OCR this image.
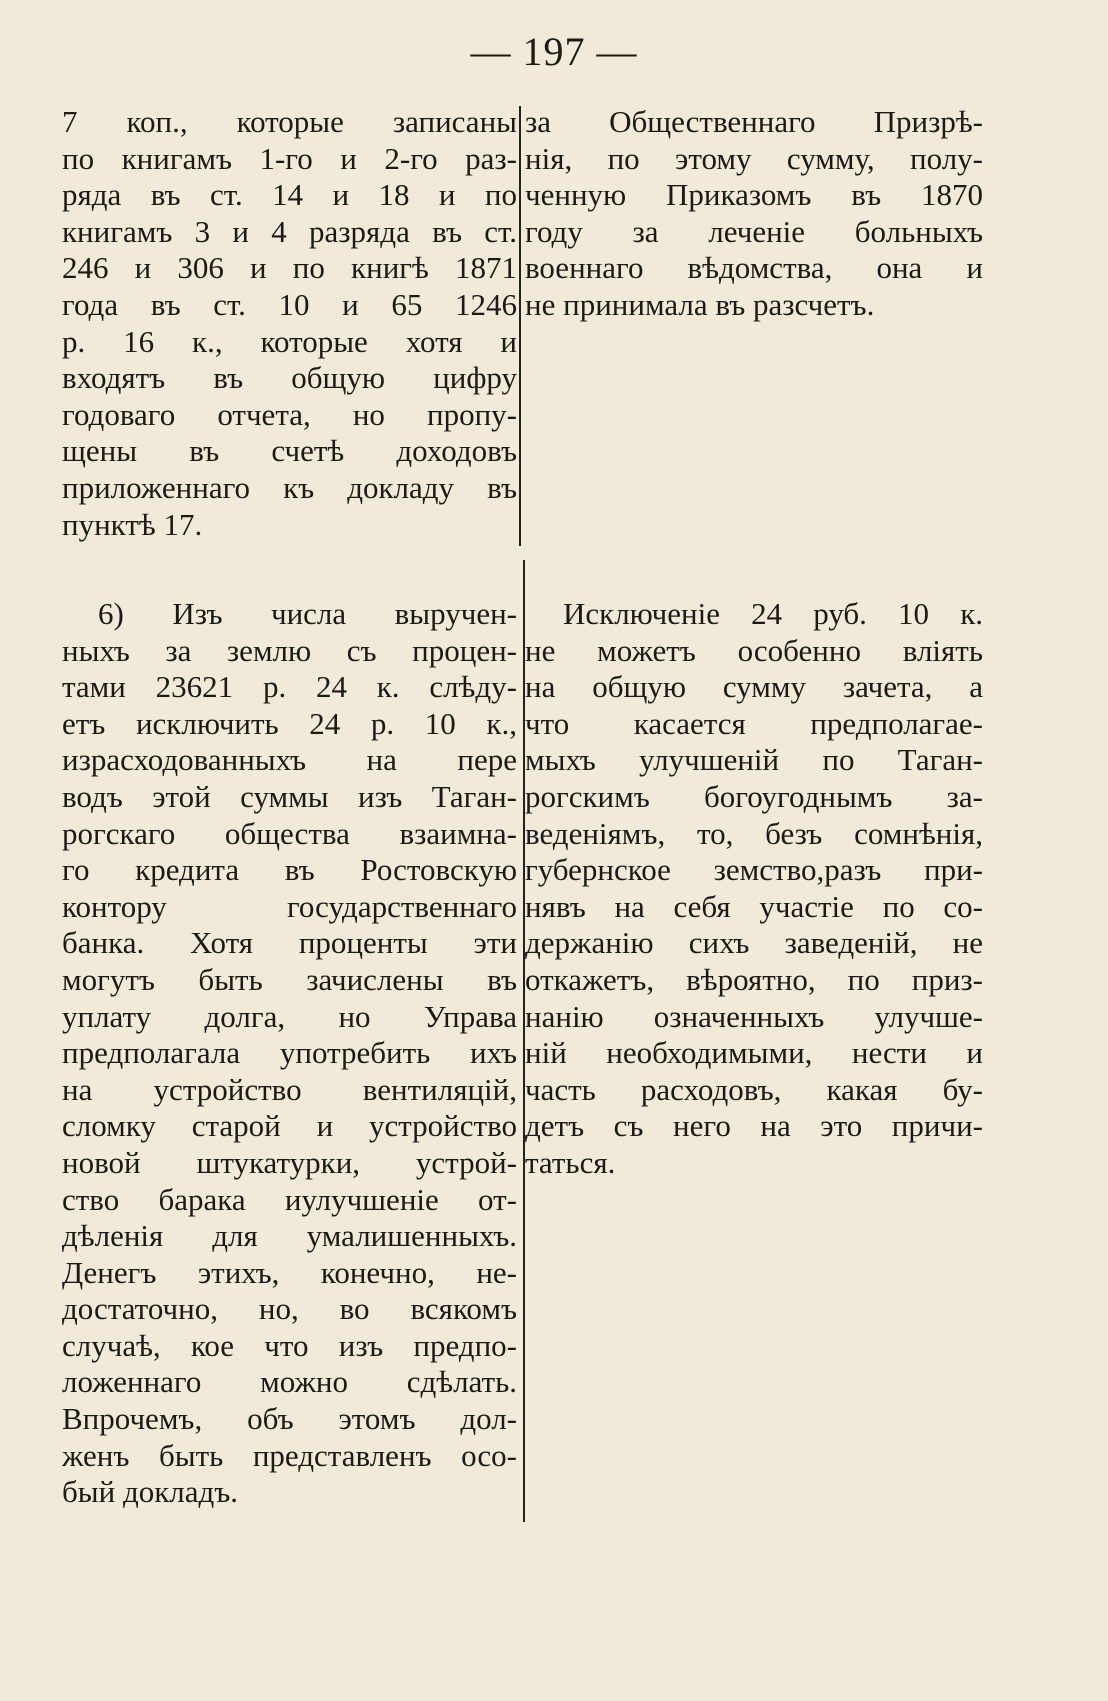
— 197 —

7 коп., которые записаны
по книгамъ 1-го и 2-го раз-
ряда въ ст. 14 и 18 и по
книгамъ 3 и 4 разряда въ ст.
246 и 306 и по книгѣ 1871
года въ ст. 10 и 65 1246
р. 16 к., которые хотя и
входятъ въ общую цифру
годоваго отчета, но пропу-
щены въ счетѣ доходовъ
приложеннаго къ докладу въ
пунктѣ 17.
6) Изъ числа выручен-
ныхъ за землю съ процен-
тами 23621 р. 24 к. слѣду-
етъ исключить 24 р. 10 к.,
израсходованныхъ на пере
водъ этой суммы изъ Таган-
рогскаго общества взаимна-
го кредита въ Ростовскую
контору государственнаго
банка. Хотя проценты эти
могутъ быть зачислены въ
уплату долга, но Управа
предполагала употребить ихъ
на устройство вентиляцій,
сломку старой и устройство
новой штукатурки, устрой-
ство барака иулучшеніе от-
дѣленія для умалишенныхъ.
Денегъ этихъ, конечно, не-
достаточно, но, во всякомъ
случаѣ, кое что изъ предпо-
ложеннаго можно сдѣлать.
Впрочемъ, объ этомъ дол-
женъ быть представленъ осо-
бый докладъ.
за Общественнаго Призрѣ-
нія, по этому сумму, полу-
ченную Приказомъ въ 1870
году за леченіе больныхъ
военнаго вѣдомства, она и
не принимала въ разсчетъ.
Исключеніе 24 руб. 10 к.
не можетъ особенно влiять
на общую сумму зачета, а
что касается предполагае-
мыхъ улучшеній по Таган-
рогскимъ богоугоднымъ за-
веденіямъ, то, безъ сомнѣнія,
губернское земство,разъ при-
нявъ на себя участіе по со-
держанію сихъ заведеній, не
откажетъ, вѣроятно, по приз-
нанію означенныхъ улучше-
ній необходимыми, нести и
часть расходовъ, какая бу-
детъ съ него на это причи-
таться.
